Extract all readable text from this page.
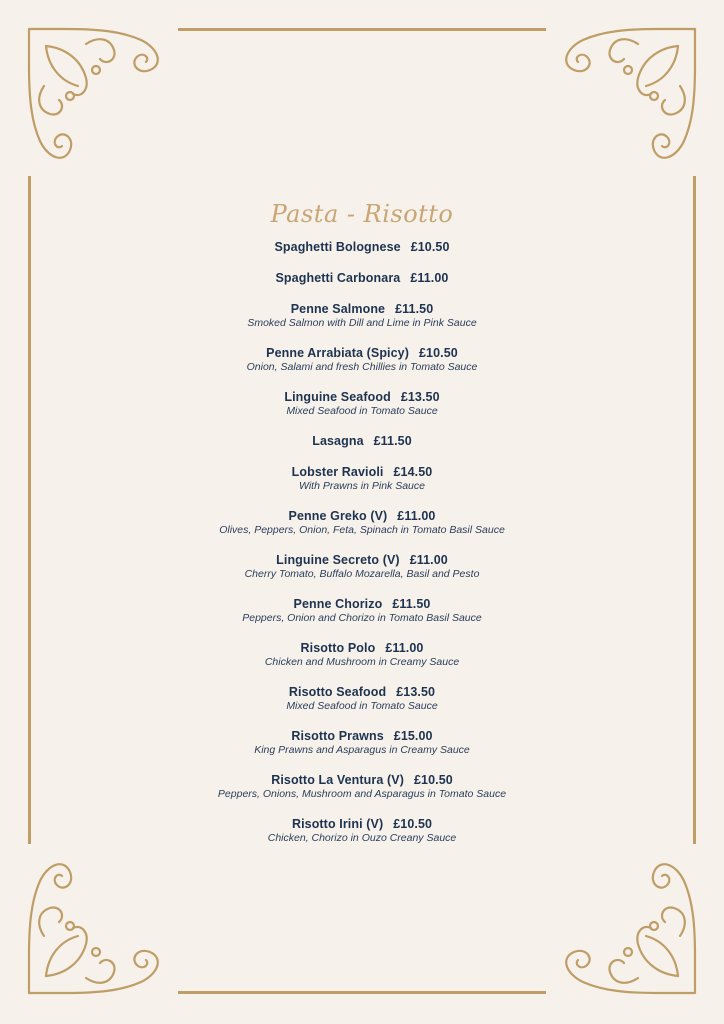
Pasta - Risotto
Spaghetti Bolognese £10.50
Spaghetti Carbonara £11.00
Penne Salmone £11.50
Smoked Salmon with Dill and Lime in Pink Sauce
Penne Arrabiata (Spicy) £10.50
Onion, Salami and fresh Chillies in Tomato Sauce
Linguine Seafood £13.50
Mixed Seafood in Tomato Sauce
Lasagna £11.50
Lobster Ravioli £14.50
With Prawns in Pink Sauce
Penne Greko (V) £11.00
Olives, Peppers, Onion, Feta, Spinach in Tomato Basil Sauce
Linguine Secreto (V) £11.00
Cherry Tomato, Buffalo Mozarella, Basil and Pesto
Penne Chorizo £11.50
Peppers, Onion and Chorizo in Tomato Basil Sauce
Risotto Polo £11.00
Chicken and Mushroom in Creamy Sauce
Risotto Seafood £13.50
Mixed Seafood in Tomato Sauce
Risotto Prawns £15.00
King Prawns and Asparagus in Creamy Sauce
Risotto La Ventura (V) £10.50
Peppers, Onions, Mushroom and Asparagus in Tomato Sauce
Risotto Irini (V) £10.50
Chicken, Chorizo in Ouzo Creany Sauce
